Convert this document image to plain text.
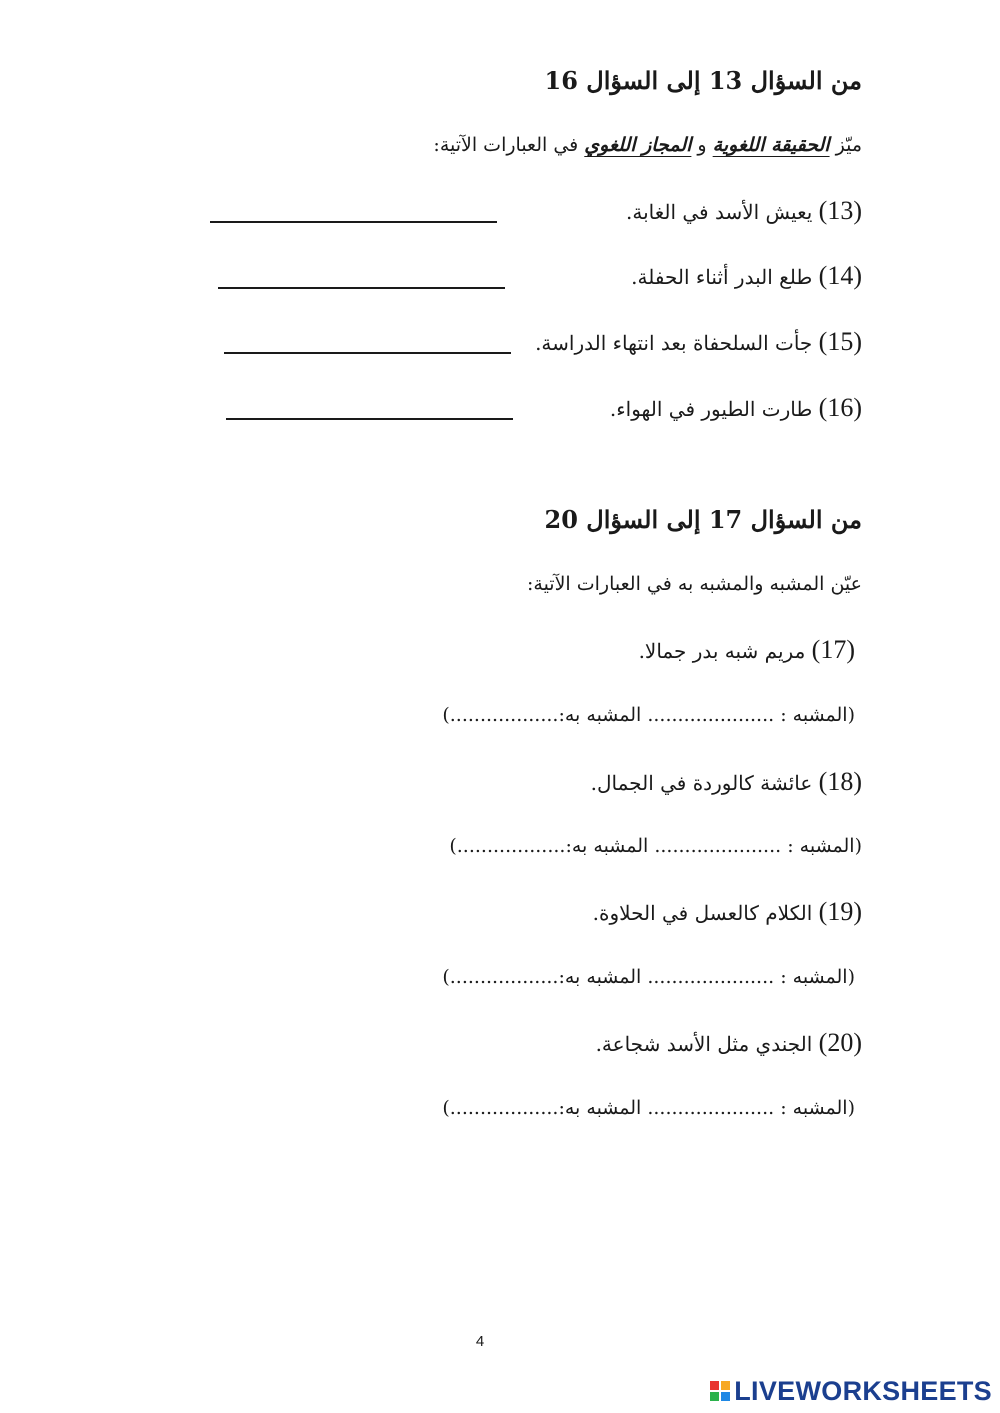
من السؤال 13 إلى السؤال 16
ميّز الحقيقة اللغوية و المجاز اللغوي في العبارات الآتية:
(13) يعيش الأسد في الغابة.
(14) طلع البدر أثناء الحفلة.
(15) جأت السلحفاة بعد انتهاء الدراسة.
(16) طارت الطيور في الهواء.
من السؤال 17 إلى السؤال 20
عيّن المشبه والمشبه به في العبارات الآتية:
(17) مريم شبه بدر جمالا.
(المشبه : ..................... المشبه به:..................)
(18) عائشة كالوردة في الجمال.
(المشبه : ..................... المشبه به:..................)
(19) الكلام كالعسل في الحلاوة.
(المشبه : ..................... المشبه به:..................)
(20) الجندي مثل الأسد شجاعة.
(المشبه : ..................... المشبه به:..................)
4
LIVEWORKSHEETS
